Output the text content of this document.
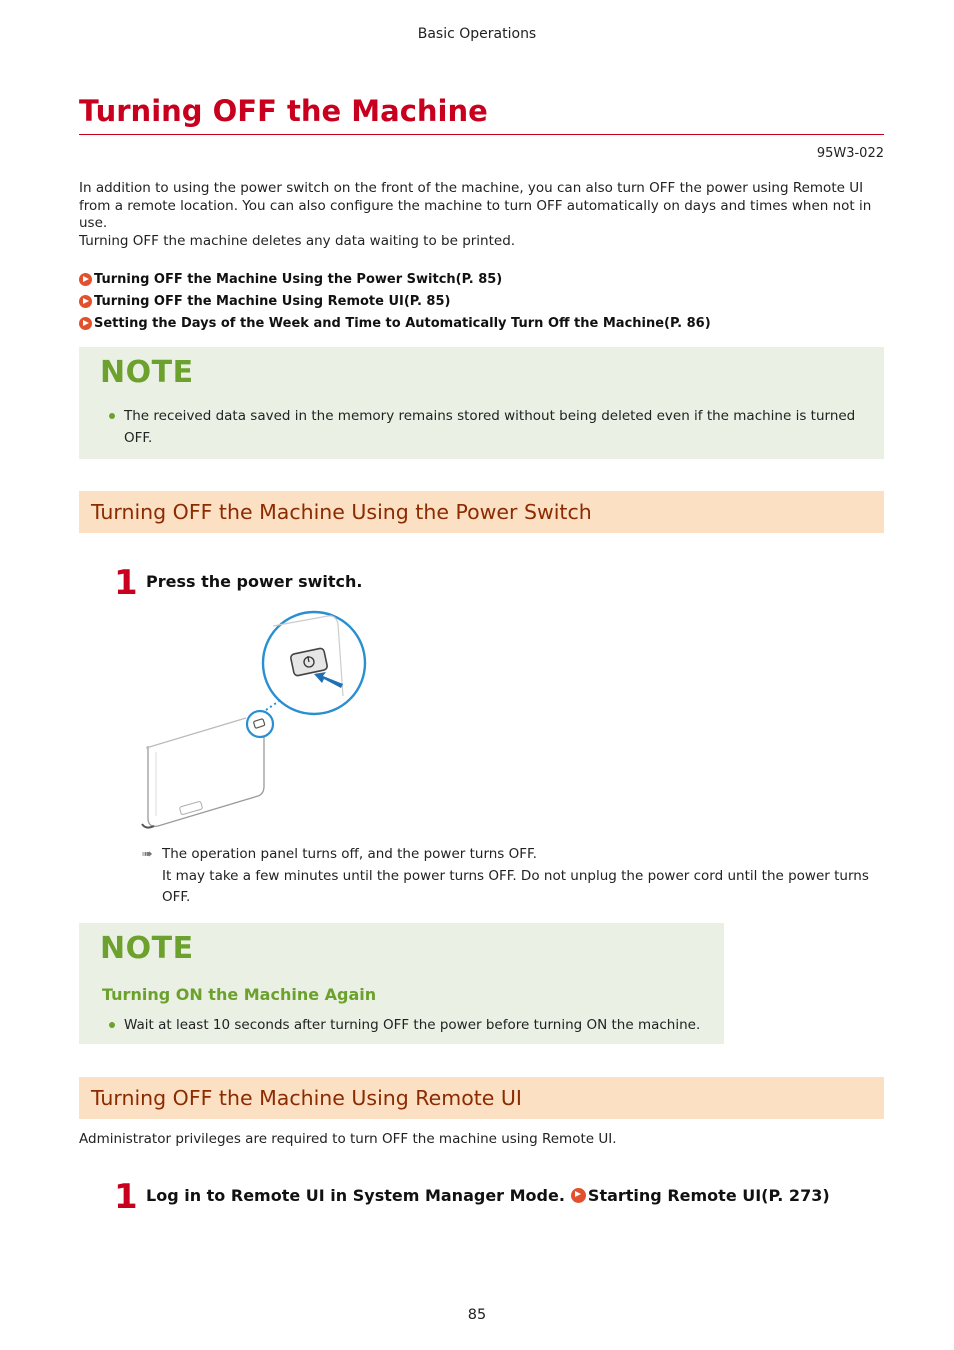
Basic Operations
Turning OFF the Machine
95W3-022

In addition to using the power switch on the front of the machine, you can also turn OFF the power using Remote UI from a remote location. You can also configure the machine to turn OFF automatically on days and times when not in use.

Turning OFF the machine deletes any data waiting to be printed.

Turning OFF the Machine Using the Power Switch(P. 85)
Turning OFF the Machine Using Remote UI(P. 85)
Setting the Days of the Week and Time to Automatically Turn Off the Machine(P. 86)
NOTE
The received data saved in the memory remains stored without being deleted even if the machine is turned OFF.
Turning OFF the Machine Using the Power Switch
1 Press the power switch.
➠ The operation panel turns off, and the power turns OFF.

It may take a few minutes until the power turns OFF. Do not unplug the power cord until the power turns OFF.

NOTE
Turning ON the Machine Again
Wait at least 10 seconds after turning OFF the power before turning ON the machine.
Turning OFF the Machine Using Remote UI
Administrator privileges are required to turn OFF the machine using Remote UI.
1 Log in to Remote UI in System Manager Mode. Starting Remote UI(P. 273)
85
